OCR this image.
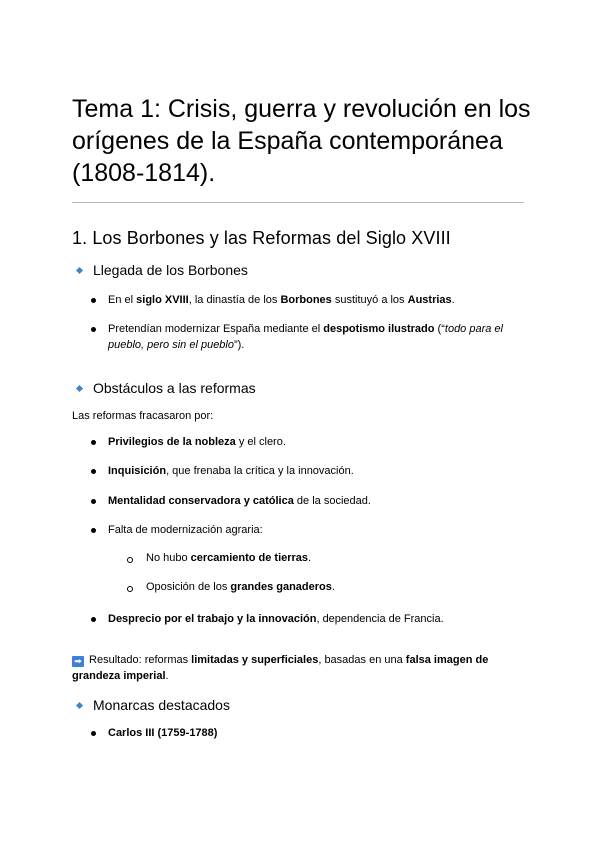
Tema 1: Crisis, guerra y revolución en los orígenes de la España contemporánea (1808-1814).
1. Los Borbones y las Reformas del Siglo XVIII
Llegada de los Borbones
En el siglo XVIII, la dinastía de los Borbones sustituyó a los Austrias.
Pretendían modernizar España mediante el despotismo ilustrado (“todo para el pueblo, pero sin el pueblo”).
Obstáculos a las reformas
Las reformas fracasaron por:
Privilegios de la nobleza y el clero.
Inquisición, que frenaba la crítica y la innovación.
Mentalidad conservadora y católica de la sociedad.
Falta de modernización agraria:
No hubo cercamiento de tierras.
Oposición de los grandes ganaderos.
Desprecio por el trabajo y la innovación, dependencia de Francia.
➡ Resultado: reformas limitadas y superficiales, basadas en una falsa imagen de grandeza imperial.
Monarcas destacados
Carlos III (1759-1788)
